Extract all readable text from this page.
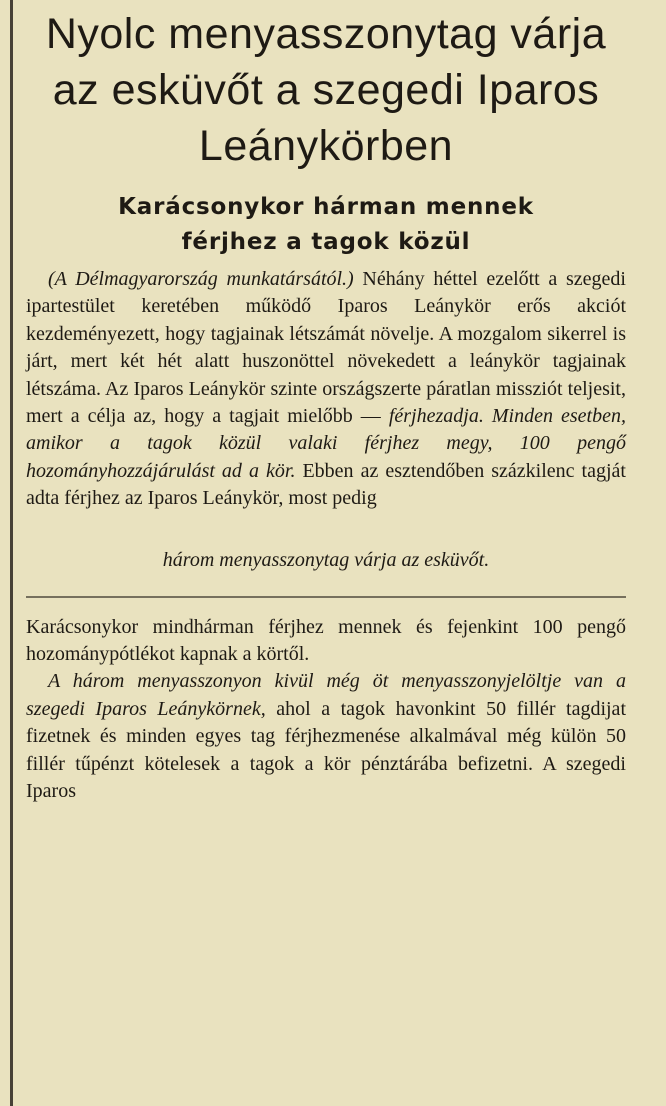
Nyolc menyasszonytag várja az esküvőt a szegedi Iparos Leánykörben
Karácsonykor hárman mennek
férjhez a tagok közül

(A Délmagyarország munkatársától.) Néhány héttel ezelőtt a szegedi ipartestület keretében működő Iparos Leánykör erős akciót kezdeményezett, hogy tagjainak létszámát növelje. A mozgalom sikerrel is járt, mert két hét alatt huszonöttel növekedett a leánykör tagjainak létszáma. Az Iparos Leánykör szinte országszerte páratlan missziót teljesit, mert a célja az, hogy a tagjait mielőbb — férjhezadja. Minden esetben, amikor a tagok közül valaki férjhez megy, 100 pengő hozományhozzájárulást ad a kör. Ebben az esztendőben százkilenc tagját adta férjhez az Iparos Leánykör, most pedig

három menyasszonytag várja az esküvőt.

Karácsonykor mindhárman férjhez mennek és fejenkint 100 pengő hozománypótlékot kapnak a körtől.

A három menyasszonyon kivül még öt menyasszonyjelöltje van a szegedi Iparos Leánykörnek, ahol a tagok havonkint 50 fillér tagdijat fizetnek és minden egyes tag férjhezmenése alkalmával még külön 50 fillér tűpénzt kötelesek a tagok a kör pénztárába befizetni. A szegedi Iparos
